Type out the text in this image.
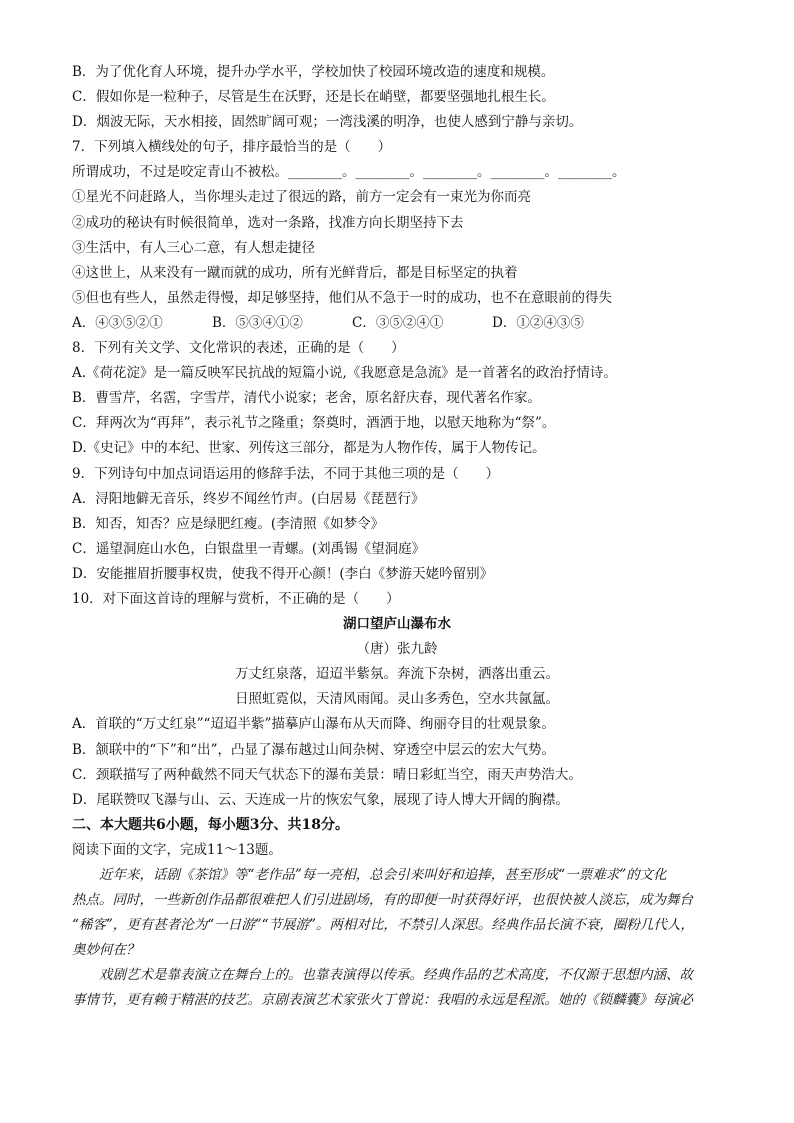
B．为了优化育人环境，提升办学水平，学校加快了校园环境改造的速度和规模。
C．假如你是一粒种子，尽管是生在沃野，还是长在峭壁，都要坚强地扎根生长。
D．烟波无际，天水相接，固然旷阔可观；一湾浅溪的明净，也使人感到宁静与亲切。
7．下列填入横线处的句子，排序最恰当的是（　　）
所谓成功，不过是咬定青山不被松。________。________。________。________。________。
①星光不问赶路人，当你埋头走过了很远的路，前方一定会有一束光为你而亮
②成功的秘诀有时候很简单，选对一条路，找准方向长期坚持下去
③生活中，有人三心二意，有人想走捷径
④这世上，从来没有一蹴而就的成功，所有光鲜背后，都是目标坚定的执着
⑤但也有些人，虽然走得慢，却足够坚持，他们从不急于一时的成功，也不在意眼前的得失
A．④③⑤②①	B．⑤③④①②	C．③⑤②④①	D．①②④③⑤
8．下列有关文学、文化常识的表述，正确的是（　　）
A.《荷花淀》是一篇反映军民抗战的短篇小说,《我愿意是急流》是一首著名的政治抒情诗。
B．曹雪芹，名霑，字雪芹，清代小说家；老舍，原名舒庆春，现代著名作家。
C．拜两次为“再拜”，表示礼节之隆重；祭奠时，酒洒于地，以慰天地称为“祭”。
D.《史记》中的本纪、世家、列传这三部分，都是为人物作传，属于人物传记。
9．下列诗句中加点词语运用的修辞手法，不同于其他三项的是（　　）
A．浔阳地僻无音乐，终岁不闻丝竹声。(白居易《琵琶行》
B．知否，知否？应是绿肥红瘦。(李清照《如梦令》
C．遥望洞庭山水色，白银盘里一青螺。(刘禹锡《望洞庭》
D．安能摧眉折腰事权贵，使我不得开心颜！(李白《梦游天姥吟留别》
10．对下面这首诗的理解与赏析，不正确的是（　　）
湖口望庐山瀑布水
（唐）张九龄
万丈红泉落，迢迢半紫氛。奔流下杂树，洒落出重云。
日照虹霓似，天清风雨闻。灵山多秀色，空水共氤氲。
A．首联的“万丈红泉”“迢迢半紫”描摹庐山瀑布从天而降、绚丽夺目的壮观景象。
B．颔联中的“下”和“出”，凸显了瀑布越过山间杂树、穿透空中层云的宏大气势。
C．颈联描写了两种截然不同天气状态下的瀑布美景：晴日彩虹当空，雨天声势浩大。
D．尾联赞叹飞瀑与山、云、天连成一片的恢宏气象，展现了诗人博大开阔的胸襟。
二、本大题共6小题，每小题3分、共18分。
阅读下面的文字，完成11～13题。
近年来，话剧《茶馆》等“老作品”每一亮相，总会引来叫好和追捧，甚至形成“一票难求”的文化
热点。同时，一些新创作品都很难把人们引进剧场，有的即便一时获得好评，也很快被人淡忘，成为舞台
“稀客”，更有甚者沦为“一日游”“节展游”。两相对比，不禁引人深思。经典作品长演不衰，圈粉几代人，
奥妙何在？
戏剧艺术是靠表演立在舞台上的。也靠表演得以传承。经典作品的艺术高度，不仅源于思想内涵、故
事情节，更有赖于精湛的技艺。京剧表演艺术家张火丁曾说：我唱的永远是程派。她的《锁麟囊》每演必
